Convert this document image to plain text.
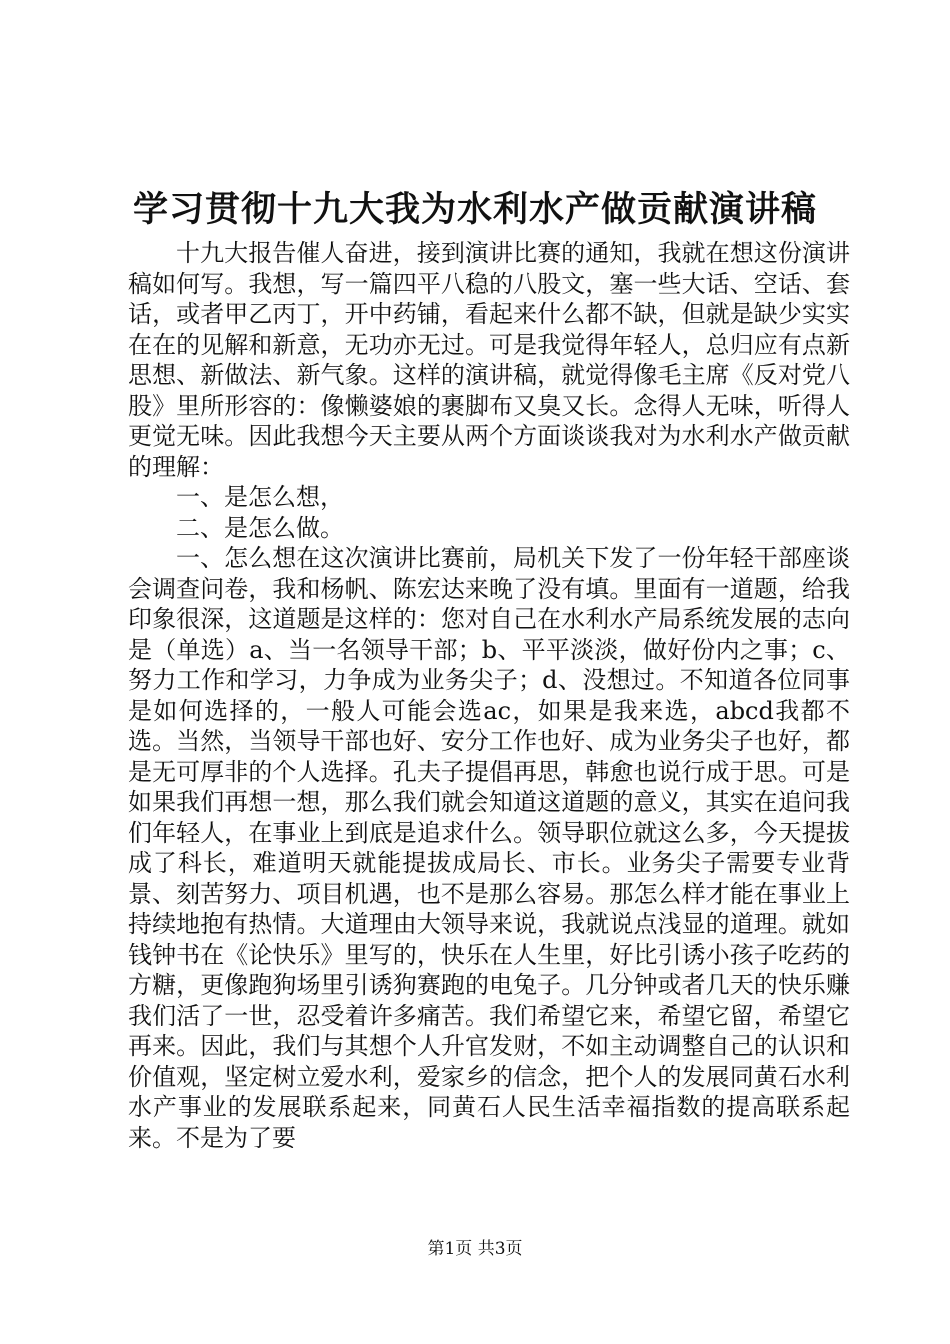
学习贯彻十九大我为水利水产做贡献演讲稿

十九大报告催人奋进，接到演讲比赛的通知，我就在想这份演讲稿如何写。我想，写一篇四平八稳的八股文，塞一些大话、空话、套话，或者甲乙丙丁，开中药铺，看起来什么都不缺，但就是缺少实实在在的见解和新意，无功亦无过。可是我觉得年轻人，总归应有点新思想、新做法、新气象。这样的演讲稿，就觉得像毛主席《反对党八股》里所形容的：像懒婆娘的裹脚布又臭又长。念得人无味，听得人更觉无味。因此我想今天主要从两个方面谈谈我对为水利水产做贡献的理解：

一、是怎么想，

二、是怎么做。

一、怎么想在这次演讲比赛前，局机关下发了一份年轻干部座谈会调查问卷，我和杨帆、陈宏达来晚了没有填。里面有一道题，给我印象很深，这道题是这样的：您对自己在水利水产局系统发展的志向是（单选）a、当一名领导干部；b、平平淡淡，做好份内之事；c、努力工作和学习，力争成为业务尖子；d、没想过。不知道各位同事是如何选择的，一般人可能会选ac，如果是我来选，abcd我都不选。当然，当领导干部也好、安分工作也好、成为业务尖子也好，都是无可厚非的个人选择。孔夫子提倡再思，韩愈也说行成于思。可是如果我们再想一想，那么我们就会知道这道题的意义，其实在追问我们年轻人，在事业上到底是追求什么。领导职位就这么多，今天提拔成了科长，难道明天就能提拔成局长、市长。业务尖子需要专业背景、刻苦努力、项目机遇，也不是那么容易。那怎么样才能在事业上持续地抱有热情。大道理由大领导来说，我就说点浅显的道理。就如钱钟书在《论快乐》里写的，快乐在人生里，好比引诱小孩子吃药的方糖，更像跑狗场里引诱狗赛跑的电兔子。几分钟或者几天的快乐赚我们活了一世，忍受着许多痛苦。我们希望它来，希望它留，希望它再来。因此，我们与其想个人升官发财，不如主动调整自己的认识和价值观，坚定树立爱水利，爱家乡的信念，把个人的发展同黄石水利水产事业的发展联系起来，同黄石人民生活幸福指数的提高联系起来。不是为了要

第1页 共3页
